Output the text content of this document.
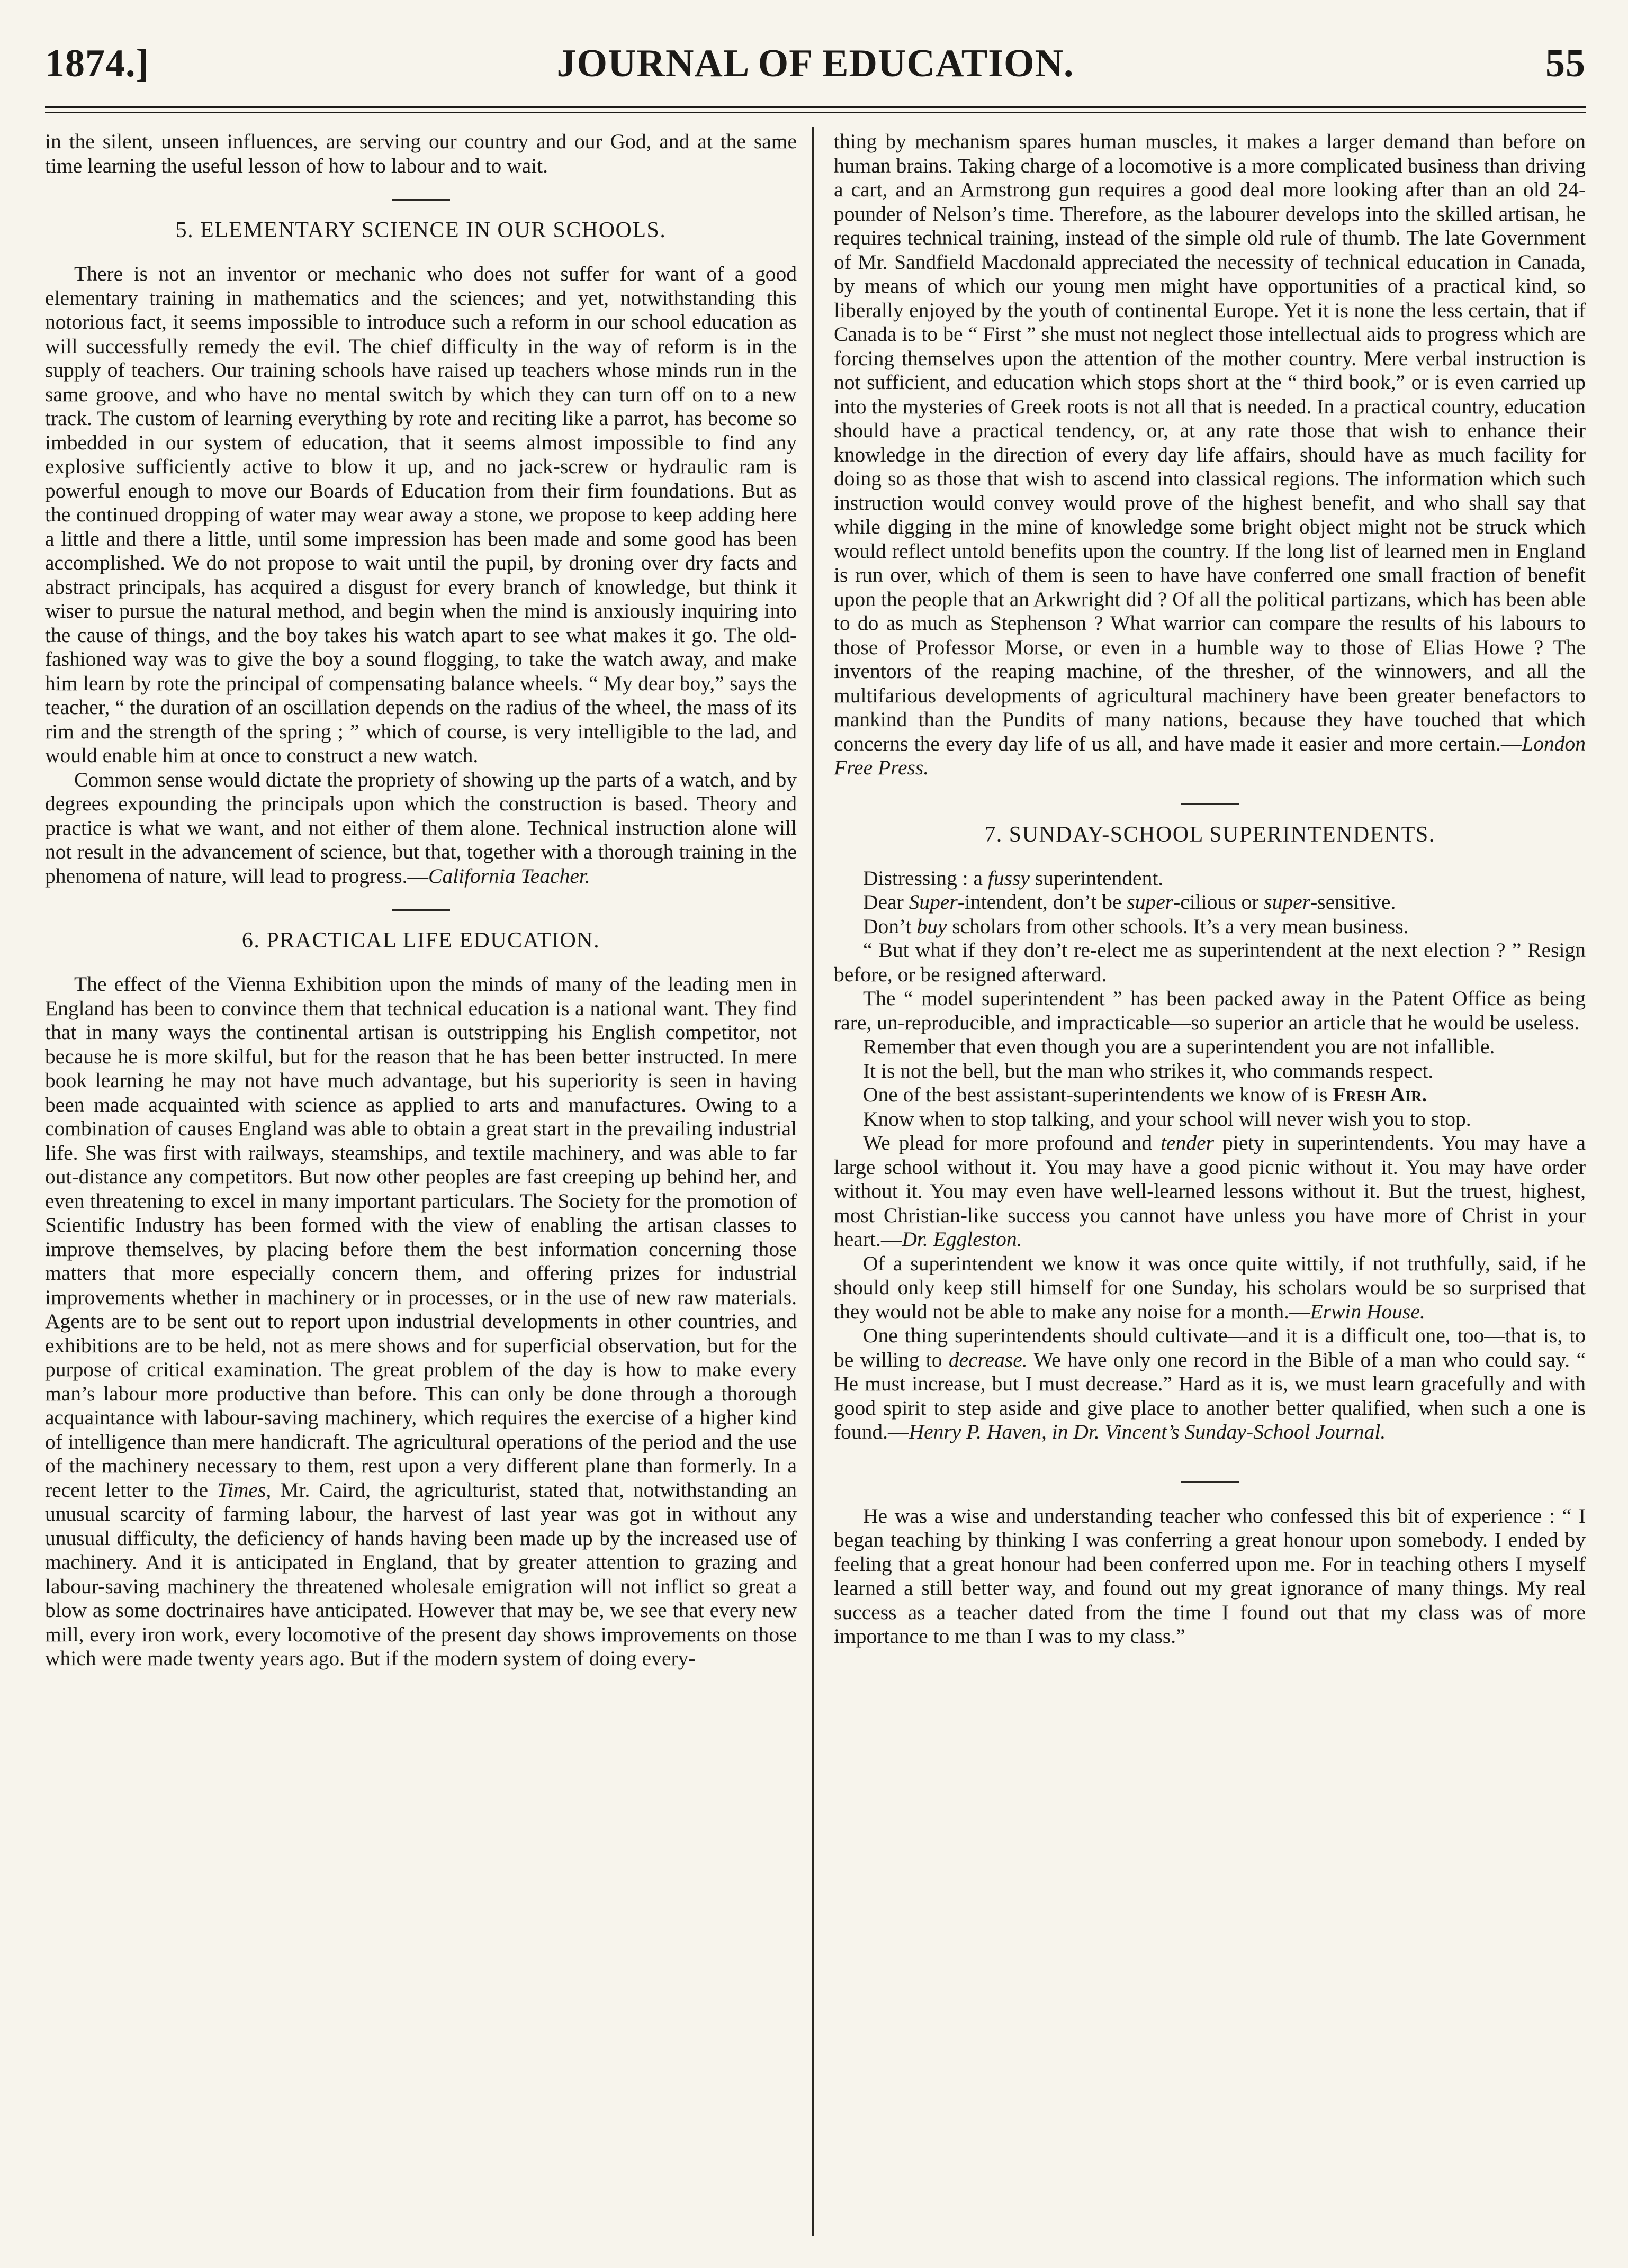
JOURNAL OF EDUCATION.
1874.]	55

in the silent, unseen influences, are serving our country and our God, and at the same time learning the useful lesson of how to labour and to wait.

5. ELEMENTARY SCIENCE IN OUR SCHOOLS.

There is not an inventor or mechanic who does not suffer for want of a good elementary training in mathematics and the sciences; and yet, notwithstanding this notorious fact, it seems impossible to introduce such a reform in our school education as will successfully remedy the evil. The chief difficulty in the way of reform is in the supply of teachers. Our training schools have raised up teachers whose minds run in the same groove, and who have no mental switch by which they can turn off on to a new track. The custom of learning everything by rote and reciting like a parrot, has become so imbedded in our system of education, that it seems almost impossible to find any explosive sufficiently active to blow it up, and no jack-screw or hydraulic ram is powerful enough to move our Boards of Education from their firm foundations. But as the continued dropping of water may wear away a stone, we propose to keep adding here a little and there a little, until some impression has been made and some good has been accomplished. We do not propose to wait until the pupil, by droning over dry facts and abstract principals, has acquired a disgust for every branch of knowledge, but think it wiser to pursue the natural method, and begin when the mind is anxiously inquiring into the cause of things, and the boy takes his watch apart to see what makes it go. The old-fashioned way was to give the boy a sound flogging, to take the watch away, and make him learn by rote the principal of compensating balance wheels. “ My dear boy,” says the teacher, “ the duration of an oscillation depends on the radius of the wheel, the mass of its rim and the strength of the spring ; ” which of course, is very intelligible to the lad, and would enable him at once to construct a new watch.

Common sense would dictate the propriety of showing up the parts of a watch, and by degrees expounding the principals upon which the construction is based. Theory and practice is what we want, and not either of them alone. Technical instruction alone will not result in the advancement of science, but that, together with a thorough training in the phenomena of nature, will lead to progress.—California Teacher.

6. PRACTICAL LIFE EDUCATION.

The effect of the Vienna Exhibition upon the minds of many of the leading men in England has been to convince them that technical education is a national want. They find that in many ways the continental artisan is outstripping his English competitor, not because he is more skilful, but for the reason that he has been better instructed. In mere book learning he may not have much advantage, but his superiority is seen in having been made acquainted with science as applied to arts and manufactures. Owing to a combination of causes England was able to obtain a great start in the prevailing industrial life. She was first with railways, steamships, and textile machinery, and was able to far out-distance any competitors. But now other peoples are fast creeping up behind her, and even threatening to excel in many important particulars. The Society for the promotion of Scientific Industry has been formed with the view of enabling the artisan classes to improve themselves, by placing before them the best information concerning those matters that more especially concern them, and offering prizes for industrial improvements whether in machinery or in processes, or in the use of new raw materials. Agents are to be sent out to report upon industrial developments in other countries, and exhibitions are to be held, not as mere shows and for superficial observation, but for the purpose of critical examination. The great problem of the day is how to make every man’s labour more productive than before. This can only be done through a thorough acquaintance with labour-saving machinery, which requires the exercise of a higher kind of intelligence than mere handicraft. The agricultural operations of the period and the use of the machinery necessary to them, rest upon a very different plane than formerly. In a recent letter to the Times, Mr. Caird, the agriculturist, stated that, notwithstanding an unusual scarcity of farming labour, the harvest of last year was got in without any unusual difficulty, the deficiency of hands having been made up by the increased use of machinery. And it is anticipated in England, that by greater attention to grazing and labour-saving machinery the threatened wholesale emigration will not inflict so great a blow as some doctrinaires have anticipated. However that may be, we see that every new mill, every iron work, every locomotive of the present day shows improvements on those which were made twenty years ago. But if the modern system of doing every-

thing by mechanism spares human muscles, it makes a larger demand than before on human brains. Taking charge of a locomotive is a more complicated business than driving a cart, and an Armstrong gun requires a good deal more looking after than an old 24-pounder of Nelson’s time. Therefore, as the labourer develops into the skilled artisan, he requires technical training, instead of the simple old rule of thumb. The late Government of Mr. Sandfield Macdonald appreciated the necessity of technical education in Canada, by means of which our young men might have opportunities of a practical kind, so liberally enjoyed by the youth of continental Europe. Yet it is none the less certain, that if Canada is to be “ First ” she must not neglect those intellectual aids to progress which are forcing themselves upon the attention of the mother country. Mere verbal instruction is not sufficient, and education which stops short at the “ third book,” or is even carried up into the mysteries of Greek roots is not all that is needed. In a practical country, education should have a practical tendency, or, at any rate those that wish to enhance their knowledge in the direction of every day life affairs, should have as much facility for doing so as those that wish to ascend into classical regions. The information which such instruction would convey would prove of the highest benefit, and who shall say that while digging in the mine of knowledge some bright object might not be struck which would reflect untold benefits upon the country. If the long list of learned men in England is run over, which of them is seen to have have conferred one small fraction of benefit upon the people that an Arkwright did ? Of all the political partizans, which has been able to do as much as Stephenson ? What warrior can compare the results of his labours to those of Professor Morse, or even in a humble way to those of Elias Howe ? The inventors of the reaping machine, of the thresher, of the winnowers, and all the multifarious developments of agricultural machinery have been greater benefactors to mankind than the Pundits of many nations, because they have touched that which concerns the every day life of us all, and have made it easier and more certain.—London Free Press.

7. SUNDAY-SCHOOL SUPERINTENDENTS.

Distressing : a fussy superintendent.

Dear Super-intendent, don’t be super-cilious or super-sensitive.

Don’t buy scholars from other schools. It’s a very mean business.

“ But what if they don’t re-elect me as superintendent at the next election ? ” Resign before, or be resigned afterward.

The “ model superintendent ” has been packed away in the Patent Office as being rare, un-reproducible, and impracticable—so superior an article that he would be useless.

Remember that even though you are a superintendent you are not infallible.

It is not the bell, but the man who strikes it, who commands respect.

One of the best assistant-superintendents we know of is Fresh Air.

Know when to stop talking, and your school will never wish you to stop.

We plead for more profound and tender piety in superintendents. You may have a large school without it. You may have a good picnic without it. You may have order without it. You may even have well-learned lessons without it. But the truest, highest, most Christian-like success you cannot have unless you have more of Christ in your heart.—Dr. Eggleston.

Of a superintendent we know it was once quite wittily, if not truthfully, said, if he should only keep still himself for one Sunday, his scholars would be so surprised that they would not be able to make any noise for a month.—Erwin House.

One thing superintendents should cultivate—and it is a difficult one, too—that is, to be willing to decrease. We have only one record in the Bible of a man who could say. “ He must increase, but I must decrease.” Hard as it is, we must learn gracefully and with good spirit to step aside and give place to another better qualified, when such a one is found.—Henry P. Haven, in Dr. Vincent’s Sunday-School Journal.

He was a wise and understanding teacher who confessed this bit of experience : “ I began teaching by thinking I was conferring a great honour upon somebody. I ended by feeling that a great honour had been conferred upon me. For in teaching others I myself learned a still better way, and found out my great ignorance of many things. My real success as a teacher dated from the time I found out that my class was of more importance to me than I was to my class.”
